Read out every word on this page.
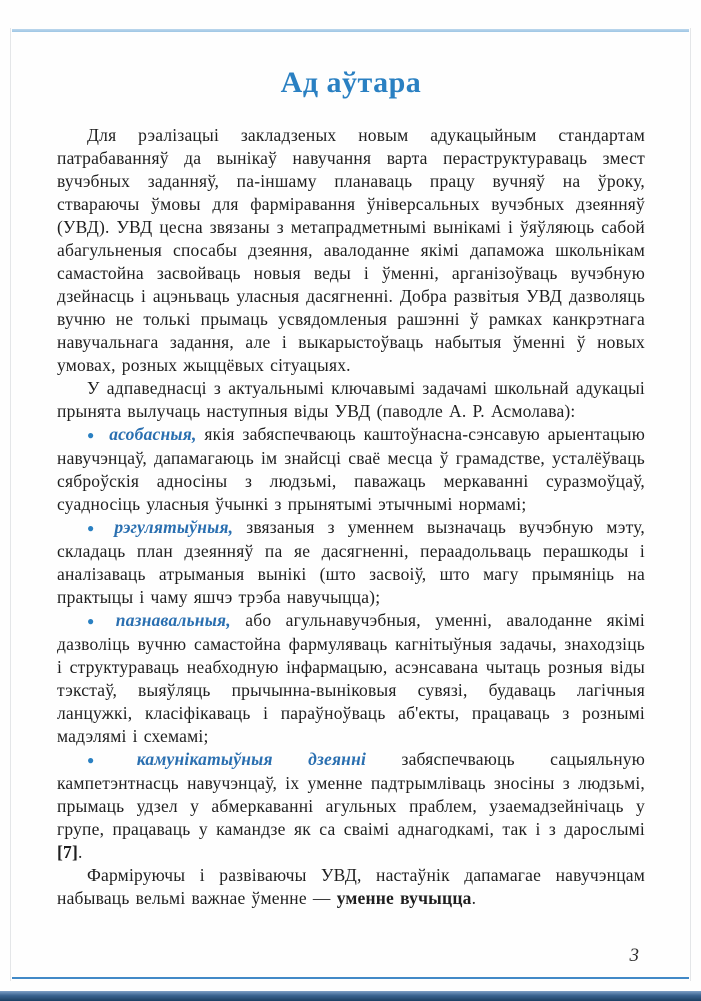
Ад аўтара

Для рэалізацыі закладзеных новым адукацыйным стандартам патрабаванняў да вынікаў навучання варта пераструктураваць змест вучэбных заданняў, па-іншаму планаваць працу вучняў на ўроку, ствараючы ўмовы для фарміравання ўніверсальных вучэбных дзеянняў (УВД). УВД цесна звязаны з метапрадметнымі вынікамі і ўяўляюць сабой абагульненыя спосабы дзеяння, авалоданне якімі дапаможа школьнікам самастойна засвойваць новыя веды і ўменні, арганізоўваць вучэбную дзейнасць і ацэньваць уласныя дасягненні. Добра развітыя УВД дазволяць вучню не толькі прымаць усвядомленыя рашэнні ў рамках канкрэтнага навучальнага задання, але і выкарыстоўваць набытыя ўменні ў новых умовах, розных жыццёвых сітуацыях.

У адпаведнасці з актуальнымі ключавымі задачамі школьнай адукацыі прынята вылучаць наступныя віды УВД (паводле А. Р. Асмолава):

● асобасныя, якія забяспечваюць каштоўнасна-сэнсавую арыентацыю навучэнцаў, дапамагаюць ім знайсці сваё месца ў грамадстве, усталёўваць сяброўскія адносіны з людзьмі, паважаць меркаванні суразмоўцаў, суадносіць уласныя ўчынкі з прынятымі этычнымі нормамі;

● рэгулятыўныя, звязаныя з уменнем вызначаць вучэбную мэту, складаць план дзеянняў па яе дасягненні, пераадольваць перашкоды і аналізаваць атрыманыя вынікі (што засвоіў, што магу прымяніць на практыцы і чаму яшчэ трэба навучыцца);

● пазнавальныя, або агульнавучэбныя, уменні, авалоданне якімі дазволіць вучню самастойна фармуляваць кагнітыўныя задачы, знаходзіць і структураваць неабходную інфармацыю, асэнсавана чытаць розныя віды тэкстаў, выяўляць прычынна-выніковыя сувязі, будаваць лагічныя ланцужкі, класіфікаваць і параўноўваць аб'екты, працаваць з рознымі мадэлямі і схемамі;

● камунікатыўныя дзеянні забяспечваюць сацыяльную кампетэнтнасць навучэнцаў, іх уменне падтрымліваць зносіны з людзьмі, прымаць удзел у абмеркаванні агульных праблем, узаемадзейнічаць у групе, працаваць у камандзе як са сваімі аднагодкамі, так і з дарослымі [7].

Фарміруючы і развіваючы УВД, настаўнік дапамагае навучэнцам набываць вельмі важнае ўменне — уменне вучыцца.

3
